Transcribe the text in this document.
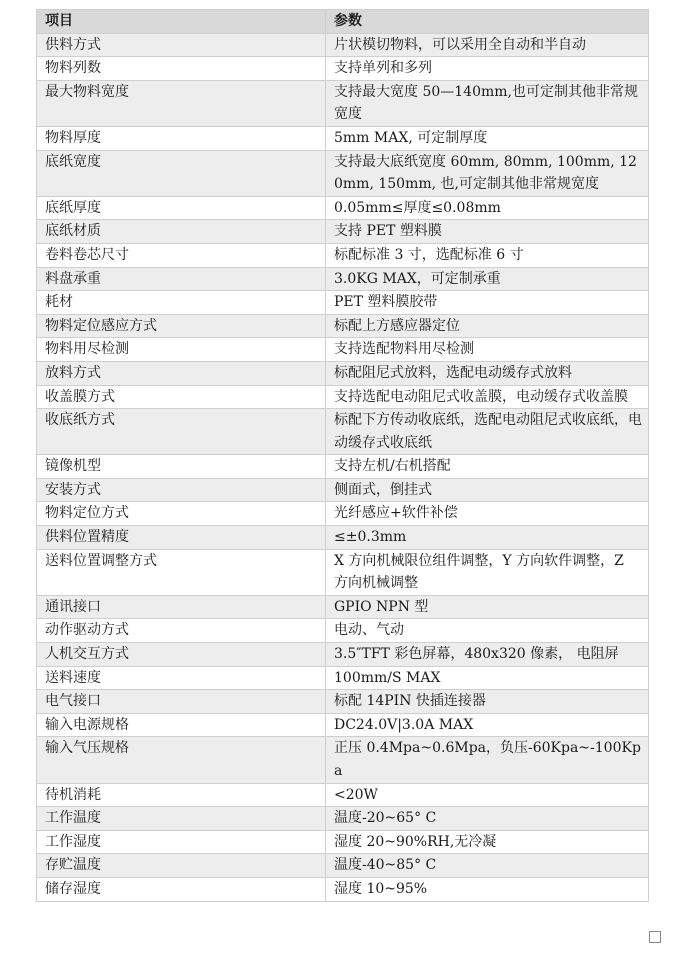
项目	参数
供料方式	片状模切物料，可以采用全自动和半自动
物料列数	支持单列和多列
最大物料宽度	支持最大宽度 50—140mm,也可定制其他非常规宽度
物料厚度	5mm MAX, 可定制厚度
底纸宽度	支持最大底纸宽度 60mm, 80mm, 100mm, 120mm, 150mm, 也,可定制其他非常规宽度
底纸厚度	0.05mm≤厚度≤0.08mm
底纸材质	支持 PET 塑料膜
卷料卷芯尺寸	标配标准 3 寸，选配标准 6 寸
料盘承重	3.0KG MAX，可定制承重
耗材	PET 塑料膜胶带
物料定位感应方式	标配上方感应器定位
物料用尽检测	支持选配物料用尽检测
放料方式	标配阻尼式放料，选配电动缓存式放料
收盖膜方式	支持选配电动阻尼式收盖膜，电动缓存式收盖膜
收底纸方式	标配下方传动收底纸，选配电动阻尼式收底纸，电动缓存式收底纸
镜像机型	支持左机/右机搭配
安装方式	侧面式，倒挂式
物料定位方式	光纤感应+软件补偿
供料位置精度	≤±0.3mm
送料位置调整方式	X 方向机械限位组件调整，Y 方向软件调整，Z 方向机械调整
通讯接口	GPIO NPN 型
动作驱动方式	电动、气动
人机交互方式	3.5″TFT 彩色屏幕，480x320 像素， 电阻屏
送料速度	100mm/S MAX
电气接口	标配 14PIN 快插连接器
输入电源规格	DC24.0V|3.0A MAX
输入气压规格	正压 0.4Mpa~0.6Mpa，负压-60Kpa~-100Kpa
待机消耗	<20W
工作温度	温度-20~65° C
工作湿度	湿度 20~90%RH,无冷凝
存贮温度	温度-40~85° C
储存湿度	湿度 10~95%
